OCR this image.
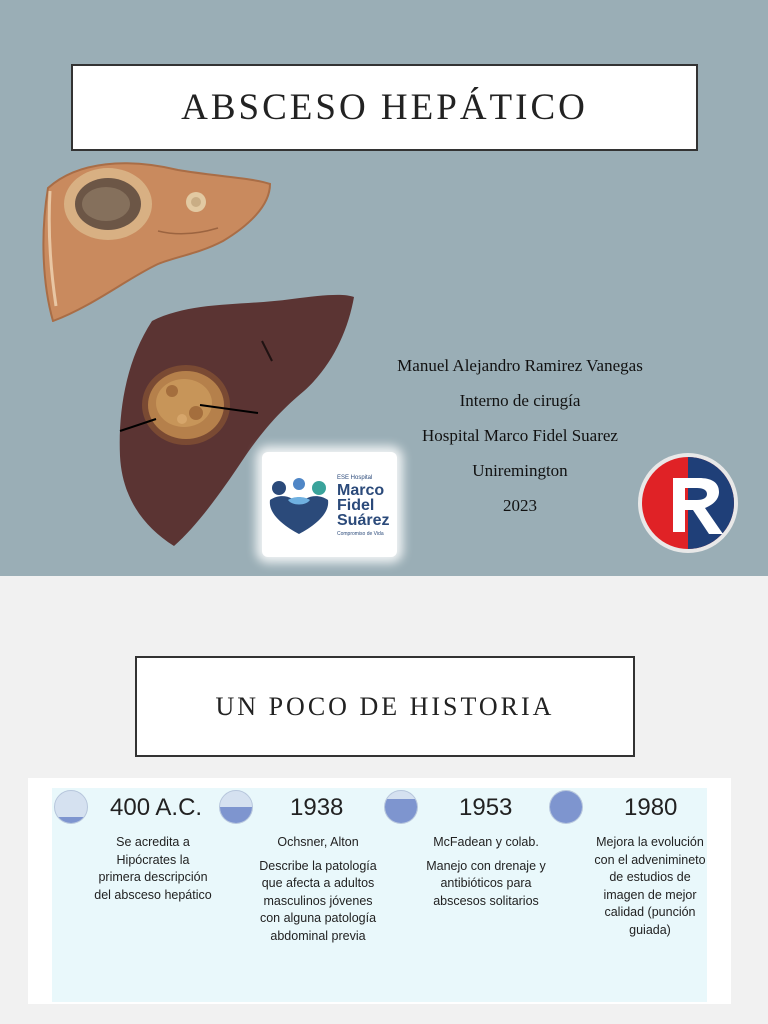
ABSCESO HEPÁTICO
Manuel Alejandro Ramirez Vanegas
Interno de cirugía
Hospital Marco Fidel Suarez
Uniremington
2023
ESE Hospital
Marco
Fidel
Suárez
Compromiso de Vida
UN POCO DE HISTORIA
400 A.C.

Se acredita a Hipócrates la primera descripción del absceso hepático

1938

Ochsner, Alton

Describe la patología que afecta a adultos masculinos jóvenes con alguna patología abdominal previa

1953

McFadean y colab.

Manejo con drenaje y antibióticos para abscesos solitarios

1980

Mejora la evolución con el advenimineto de estudios de imagen de mejor calidad (punción guiada)
